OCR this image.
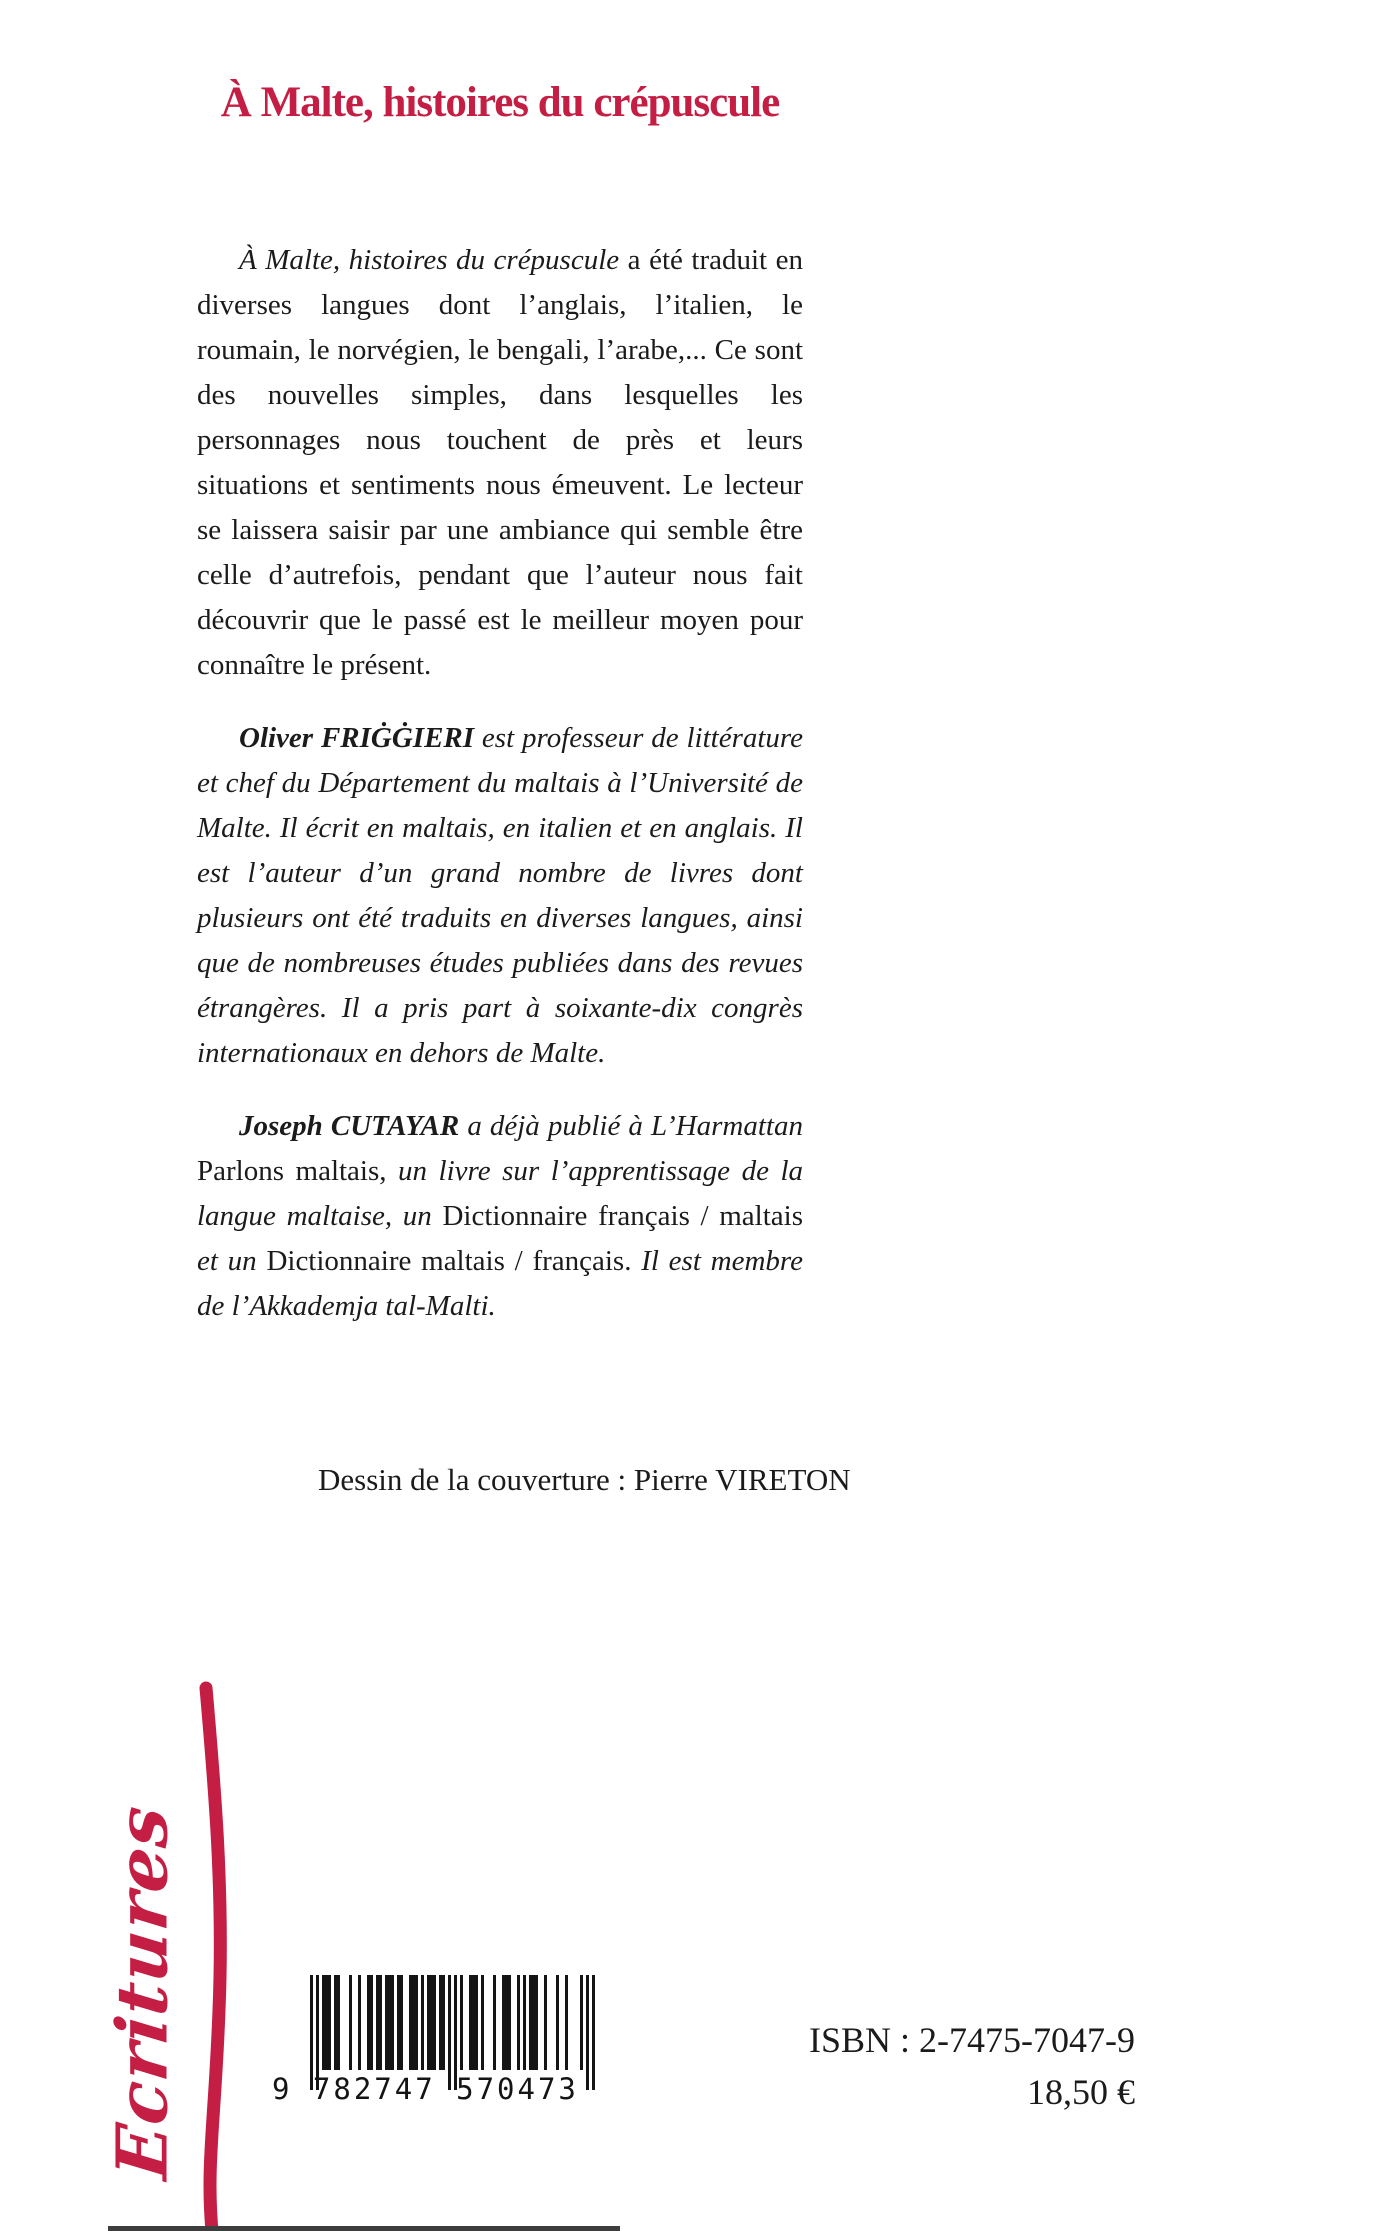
À Malte, histoires du crépuscule

À Malte, histoires du crépuscule a été traduit en diverses langues dont l’anglais, l’italien, le roumain, le norvégien, le bengali, l’arabe,... Ce sont des nouvelles simples, dans lesquelles les personnages nous touchent de près et leurs situations et sentiments nous émeuvent. Le lecteur se laissera saisir par une ambiance qui semble être celle d’autrefois, pendant que l’auteur nous fait découvrir que le passé est le meilleur moyen pour connaître le présent.

Oliver FRIĠĠIERI est professeur de littérature et chef du Département du maltais à l’Université de Malte. Il écrit en maltais, en italien et en anglais. Il est l’auteur d’un grand nombre de livres dont plusieurs ont été traduits en diverses langues, ainsi que de nombreuses études publiées dans des revues étrangères. Il a pris part à soixante-dix congrès internationaux en dehors de Malte.

Joseph CUTAYAR a déjà publié à L’Harmattan Parlons maltais, un livre sur l’apprentissage de la langue maltaise, un Dictionnaire français / maltais et un Dictionnaire maltais / français. Il est membre de l’Akkademja tal-Malti.

Dessin de la couverture : Pierre VIRETON
Ecritures	9 782747 570473
ISBN : 2-7475-7047-9
18,50 €
